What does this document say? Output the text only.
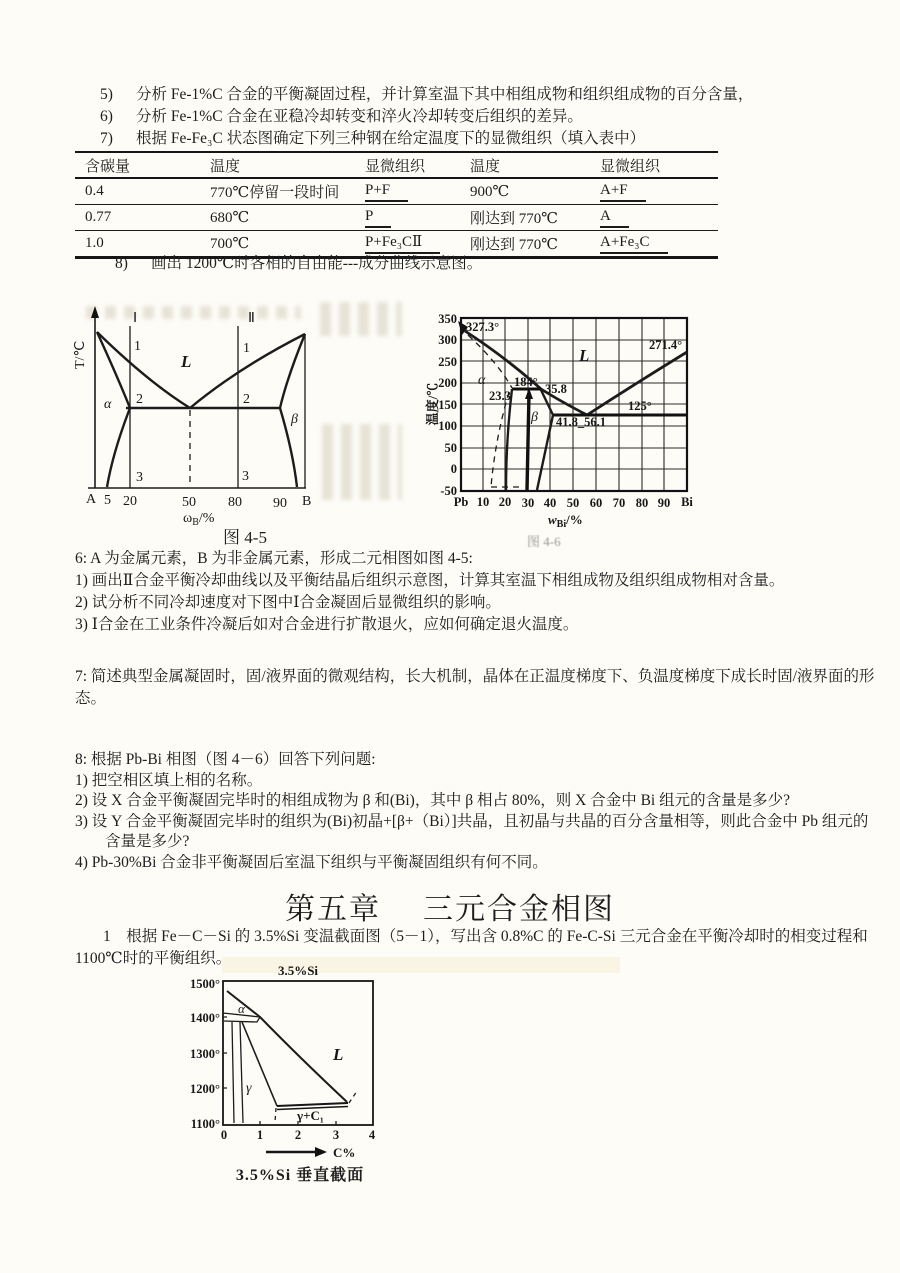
5)	分析 Fe-1%C 合金的平衡凝固过程，并计算室温下其中相组成物和组织组成物的百分含量，
6)	分析 Fe-1%C 合金在亚稳冷却转变和淬火冷却转变后组织的差异。
7)	根据 Fe-Fe₃C 状态图确定下列三种钢在给定温度下的显微组织（填入表中）
含碳量	温度	显微组织	温度	显微组织
0.4	770℃停留一段时间	P+F	900℃	A+F
0.77	680℃	P	刚达到 770℃	A
1.0	700℃	P+Fe₃CⅡ	刚达到 770℃	A+Fe₃C
8)	画出 1200℃时各相的自由能---成分曲线示意图。
Ⅰ
1
2
3
Ⅱ
1
2
3
L
α
β
T/℃
A 5 20	50 80 90 B
$\omega_B/\%$
327.3°
271.4°
L
α
23.3
184° 35.8
β 41.8_56.1
125°
350
300
250
200
150
100
50
0
-50
Pb 10 20 30 40 50 60 70 80 90 Bi
温度/℃
$w_{Bi}/\%$
α
γ
L
γ+C₁
3.5%Si
1500°
1400°
1300°
1200°
1100°
0 1	2	3 4
C%
图 4-5	图 4-6
3.5%Si 垂直截面
6: A 为金属元素，B 为非金属元素，形成二元相图如图 4-5:
1) 画出Ⅱ合金平衡冷却曲线以及平衡结晶后组织示意图，计算其室温下相组成物及组织组成物相对含量。
2) 试分析不同冷却速度对下图中Ⅰ合金凝固后显微组织的影响。
3) Ⅰ合金在工业条件冷凝后如对合金进行扩散退火，应如何确定退火温度。
7: 简述典型金属凝固时，固/液界面的微观结构，长大机制，晶体在正温度梯度下、负温度梯度下成长时固/液界面的形态。
8: 根据 Pb-Bi 相图（图 4－6）回答下列问题:
1) 把空相区填上相的名称。
2) 设 X 合金平衡凝固完毕时的相组成物为 β 和(Bi)，其中 β 相占 80%，则 X 合金中 Bi 组元的含量是多少?
3) 设 Y 合金平衡凝固完毕时的组织为(Bi)初晶+[β+（Bi）]共晶，且初晶与共晶的百分含量相等，则此合金中 Pb 组元的含量是多少?
4) Pb-30%Bi 合金非平衡凝固后室温下组织与平衡凝固组织有何不同。
第五章 三元合金相图
1　根据 Fe－C－Si 的 3.5%Si 变温截面图（5－1），写出含 0.8%C 的 Fe-C-Si 三元合金在平衡冷却时的相变过程和 1100℃时的平衡组织。
